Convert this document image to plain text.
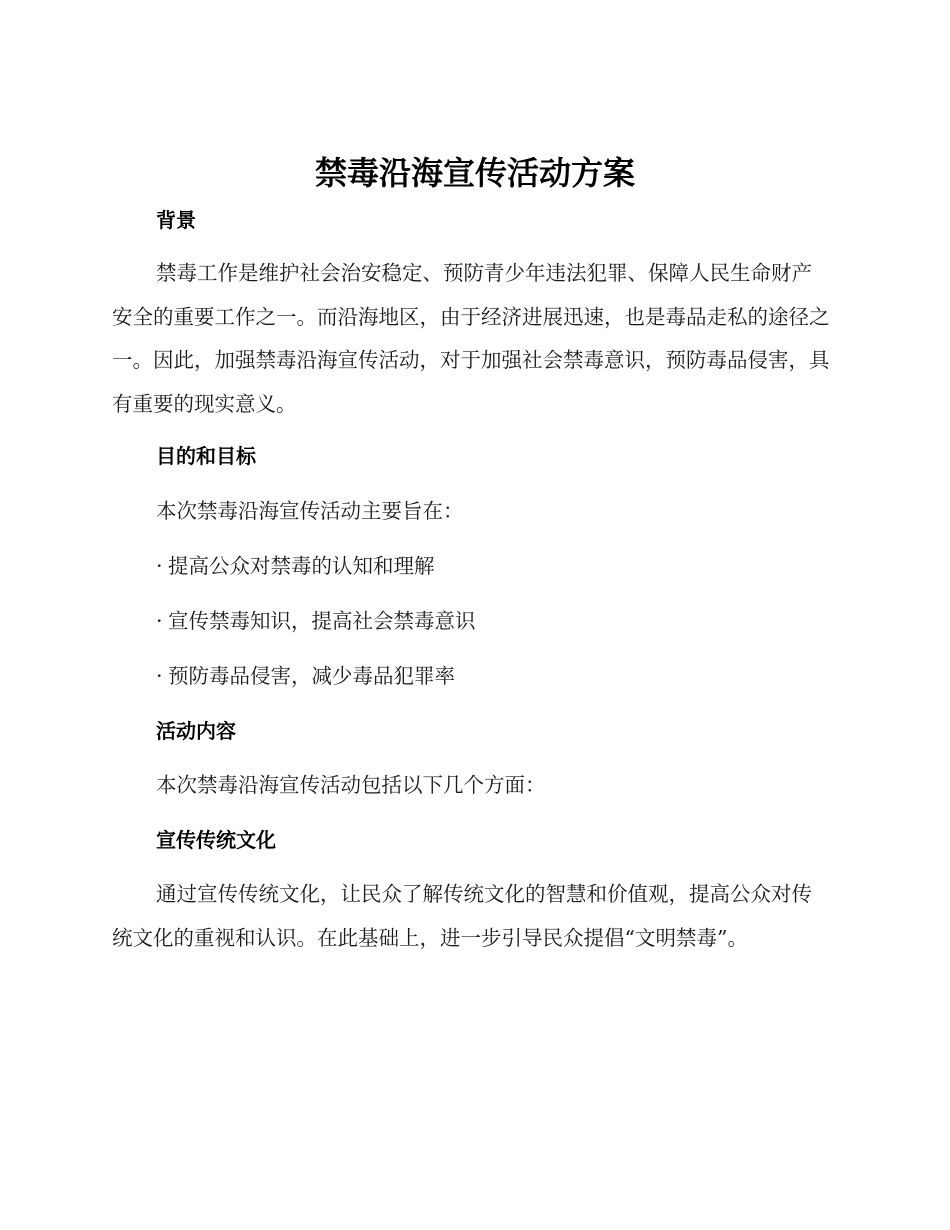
禁毒沿海宣传活动方案
背景

禁毒工作是维护社会治安稳定、预防青少年违法犯罪、保障人民生命财产安全的重要工作之一。而沿海地区，由于经济进展迅速，也是毒品走私的途径之一。因此，加强禁毒沿海宣传活动，对于加强社会禁毒意识，预防毒品侵害，具有重要的现实意义。

目的和目标
本次禁毒沿海宣传活动主要旨在：
· 提高公众对禁毒的认知和理解
· 宣传禁毒知识，提高社会禁毒意识
· 预防毒品侵害，减少毒品犯罪率
活动内容
本次禁毒沿海宣传活动包括以下几个方面：
宣传传统文化

通过宣传传统文化，让民众了解传统文化的智慧和价值观，提高公众对传统文化的重视和认识。在此基础上，进一步引导民众提倡“文明禁毒”。
